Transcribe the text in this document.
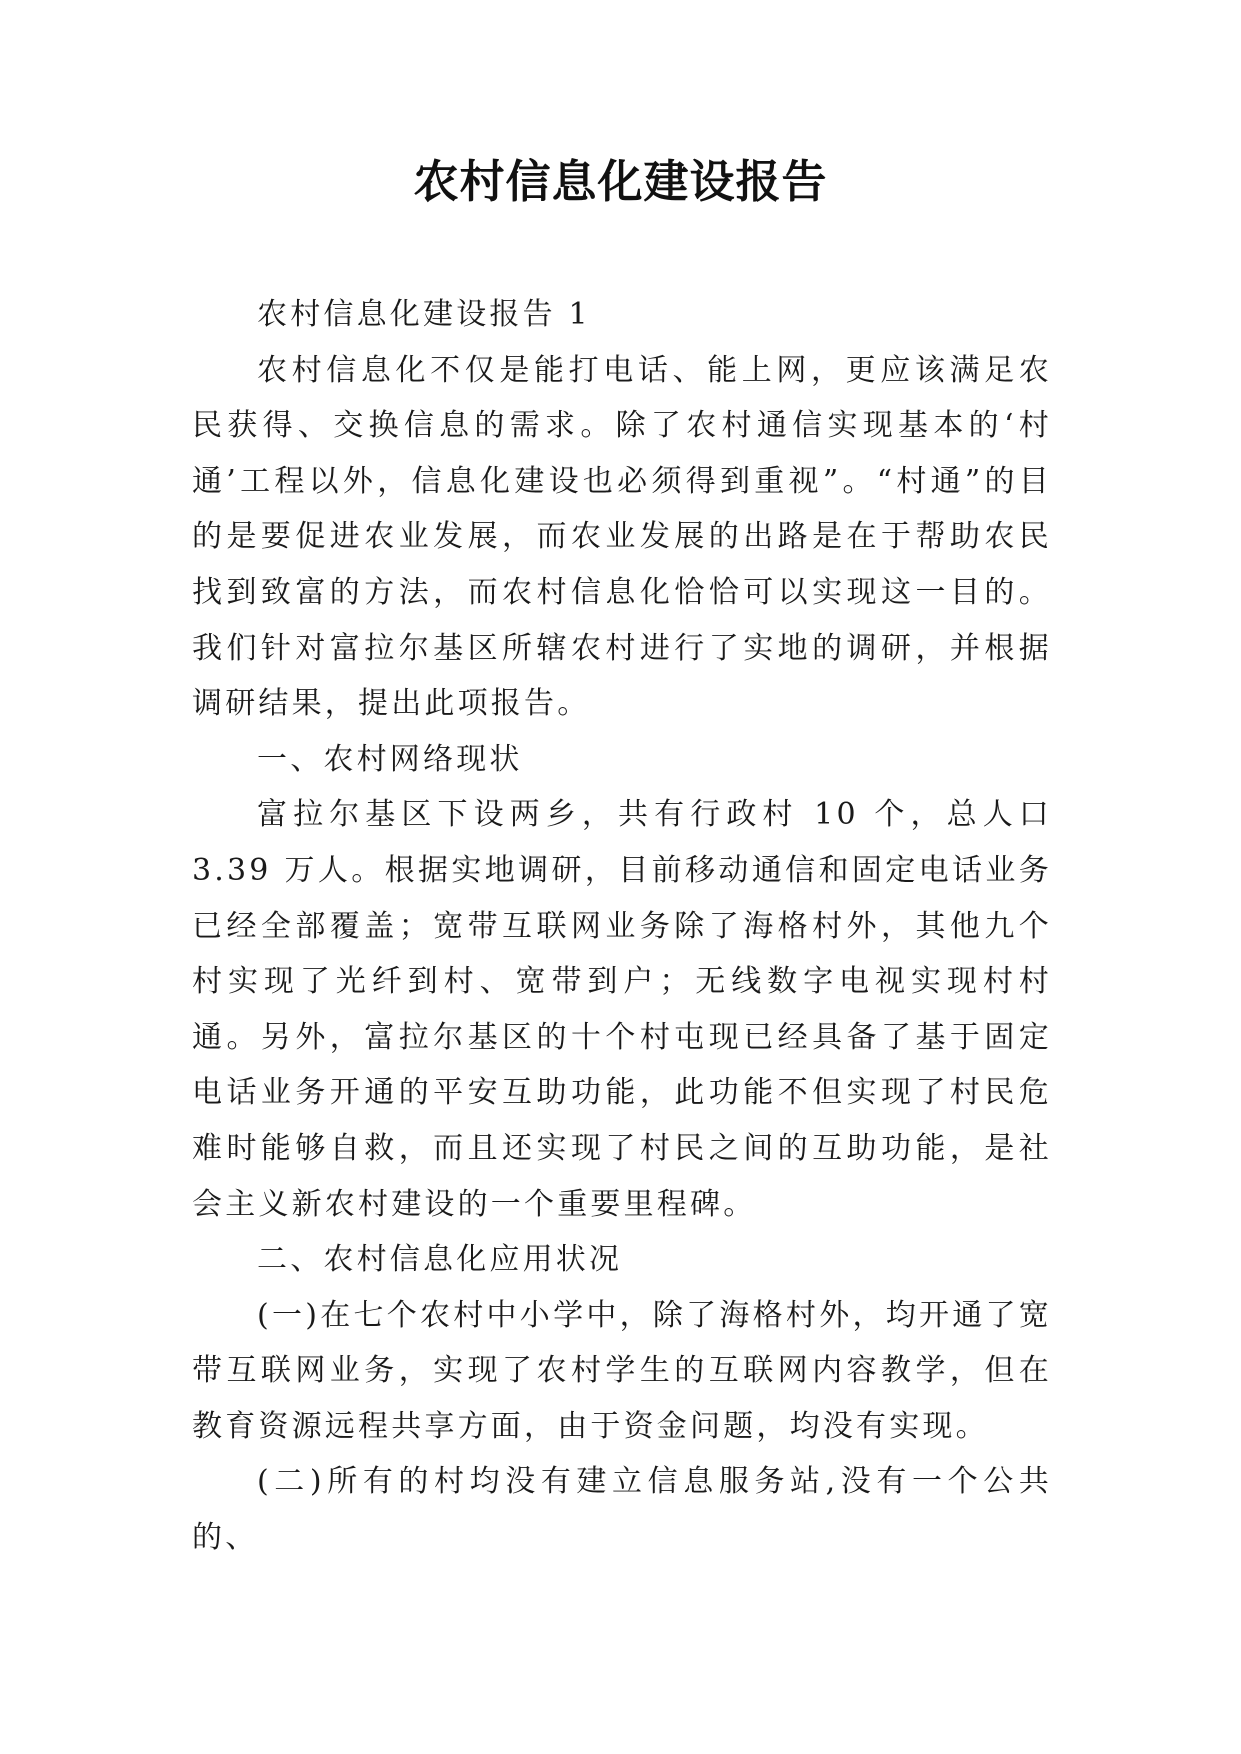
农村信息化建设报告

农村信息化建设报告 1

农村信息化不仅是能打电话、能上网，更应该满足农民获得、交换信息的需求。除了农村通信实现基本的‘村通’工程以外，信息化建设也必须得到重视”。“村通”的目的是要促进农业发展，而农业发展的出路是在于帮助农民找到致富的方法，而农村信息化恰恰可以实现这一目的。我们针对富拉尔基区所辖农村进行了实地的调研，并根据调研结果，提出此项报告。

一、农村网络现状

富拉尔基区下设两乡，共有行政村 10 个，总人口 3.39 万人。根据实地调研，目前移动通信和固定电话业务已经全部覆盖；宽带互联网业务除了海格村外，其他九个村实现了光纤到村、宽带到户；无线数字电视实现村村通。另外，富拉尔基区的十个村屯现已经具备了基于固定电话业务开通的平安互助功能，此功能不但实现了村民危难时能够自救，而且还实现了村民之间的互助功能，是社会主义新农村建设的一个重要里程碑。

二、农村信息化应用状况

(一)在七个农村中小学中，除了海格村外，均开通了宽带互联网业务，实现了农村学生的互联网内容教学，但在教育资源远程共享方面，由于资金问题，均没有实现。

(二)所有的村均没有建立信息服务站,没有一个公共的、
